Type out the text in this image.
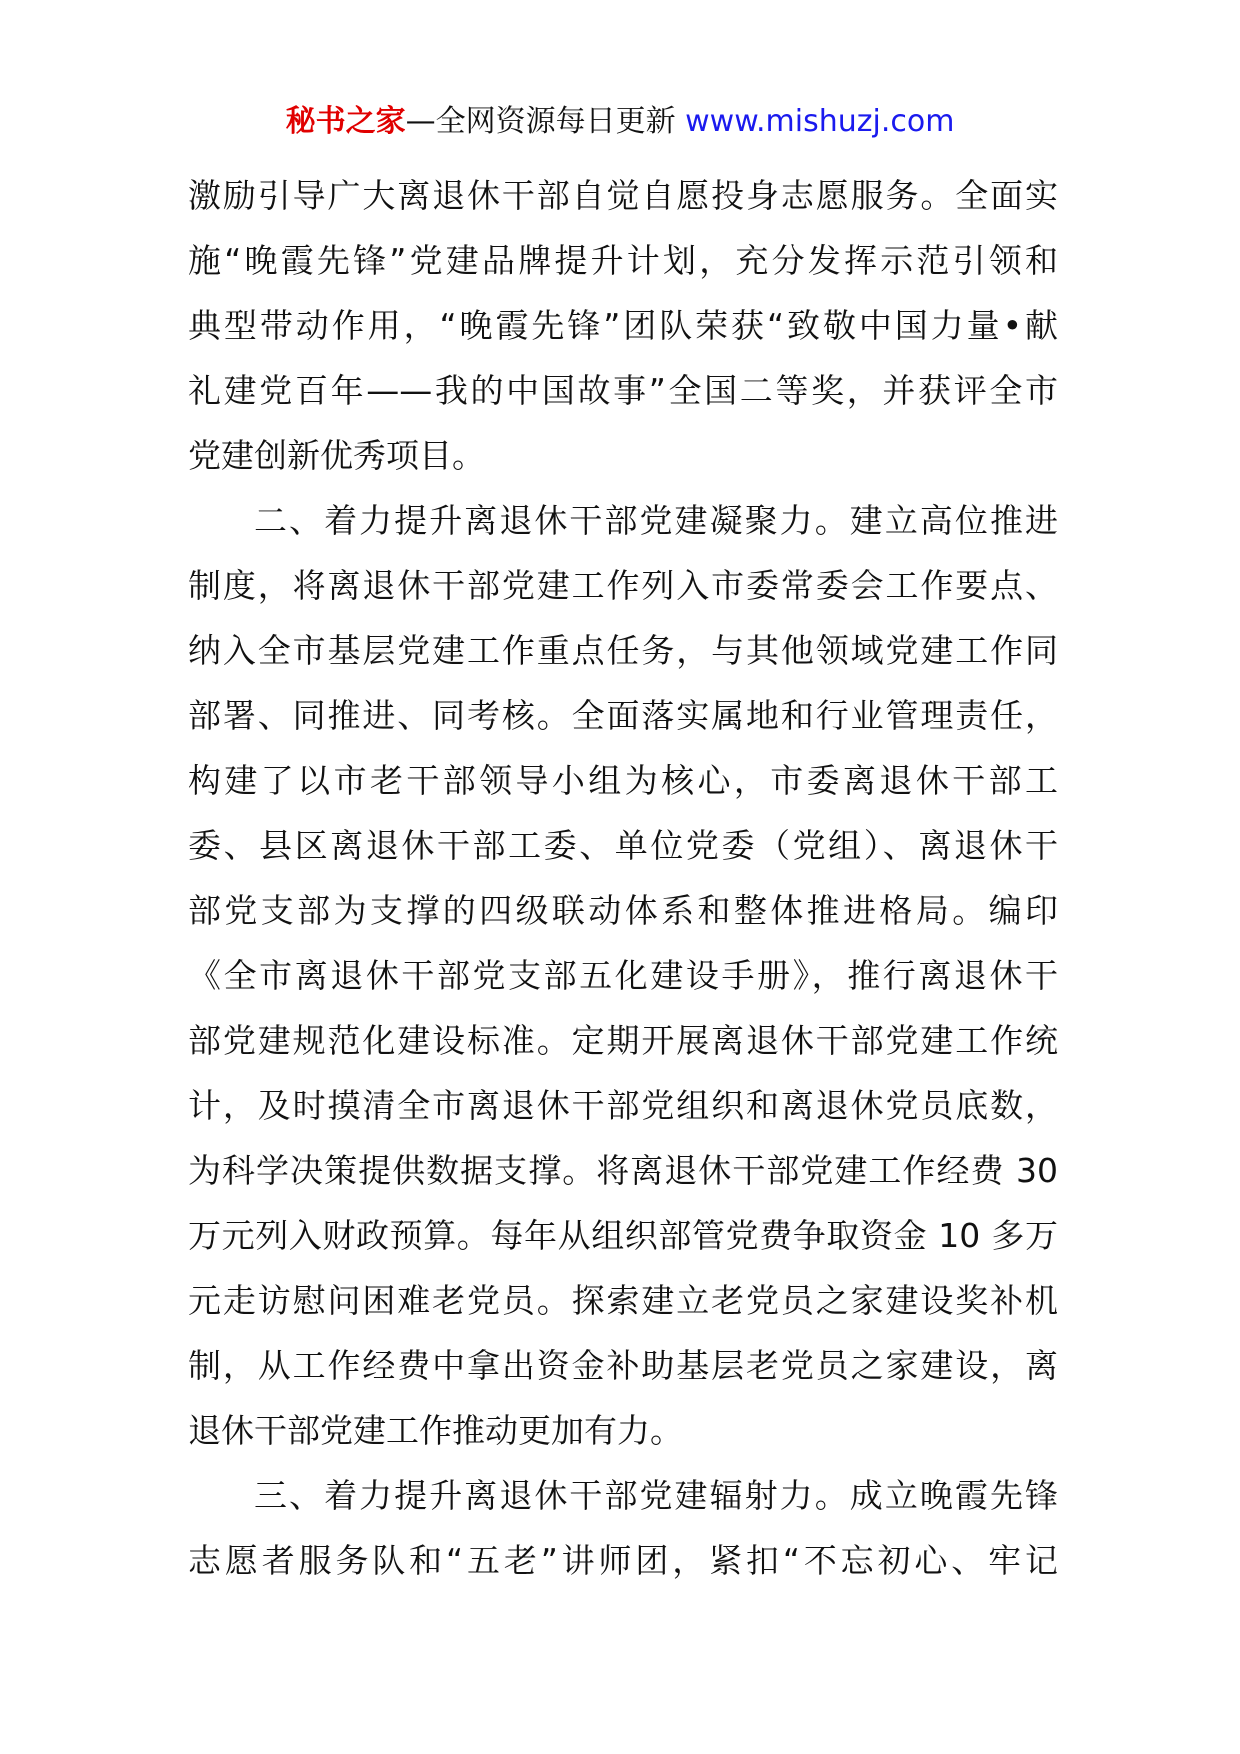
秘书之家—全网资源每日更新 www.mishuzj.com
激励引导广大离退休干部自觉自愿投身志愿服务。全面实
施“晚霞先锋”党建品牌提升计划，充分发挥示范引领和
典型带动作用，“晚霞先锋”团队荣获“致敬中国力量•献
礼建党百年——我的中国故事”全国二等奖，并获评全市
党建创新优秀项目。
二、着力提升离退休干部党建凝聚力。建立高位推进
制度，将离退休干部党建工作列入市委常委会工作要点、
纳入全市基层党建工作重点任务，与其他领域党建工作同
部署、同推进、同考核。全面落实属地和行业管理责任，
构建了以市老干部领导小组为核心，市委离退休干部工
委、县区离退休干部工委、单位党委（党组）、离退休干
部党支部为支撑的四级联动体系和整体推进格局。编印
《全市离退休干部党支部五化建设手册》，推行离退休干
部党建规范化建设标准。定期开展离退休干部党建工作统
计，及时摸清全市离退休干部党组织和离退休党员底数，
为科学决策提供数据支撑。将离退休干部党建工作经费 30
万元列入财政预算。每年从组织部管党费争取资金 10 多万
元走访慰问困难老党员。探索建立老党员之家建设奖补机
制，从工作经费中拿出资金补助基层老党员之家建设，离
退休干部党建工作推动更加有力。
三、着力提升离退休干部党建辐射力。成立晚霞先锋
志愿者服务队和“五老”讲师团，紧扣“不忘初心、牢记
